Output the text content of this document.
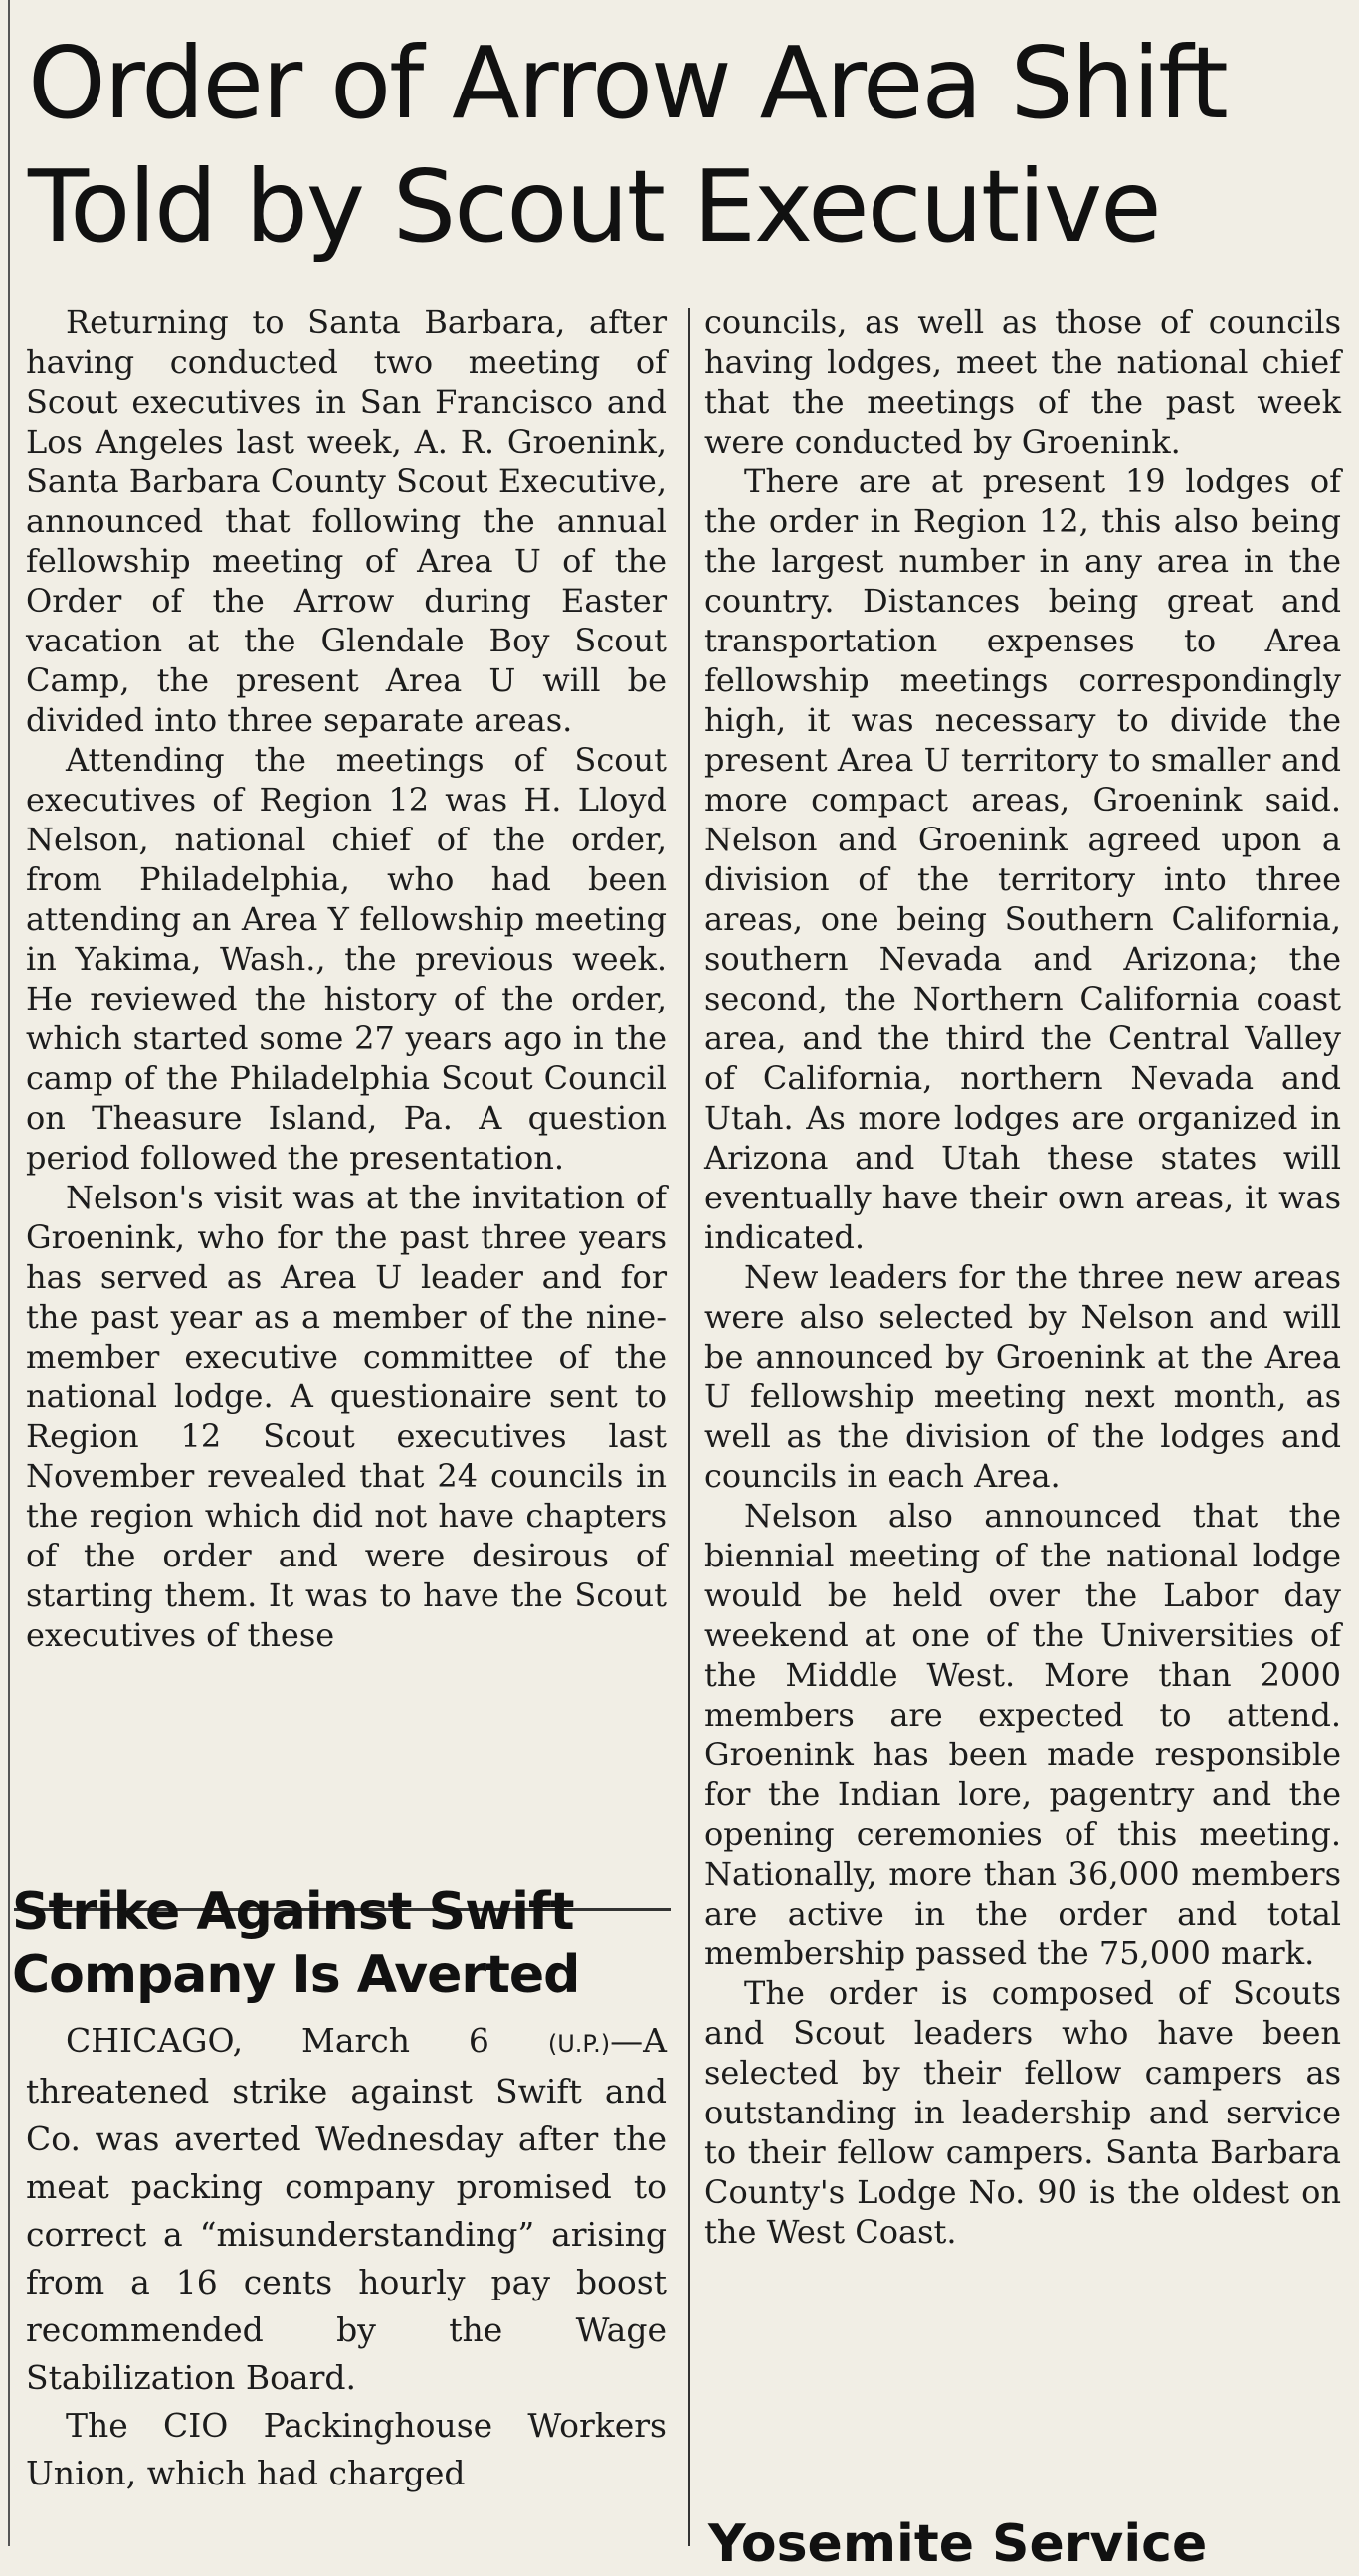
Order of Arrow Area Shift Told by Scout Executive

Returning to Santa Barbara, after having conducted two meeting of Scout executives in San Francisco and Los Angeles last week, A. R. Groenink, Santa Barbara County Scout Executive, announced that following the annual fellowship meeting of Area U of the Order of the Arrow during Easter vacation at the Glendale Boy Scout Camp, the present Area U will be divided into three separate areas.

Attending the meetings of Scout executives of Region 12 was H. Lloyd Nelson, national chief of the order, from Philadelphia, who had been attending an Area Y fellowship meeting in Yakima, Wash., the previous week. He reviewed the history of the order, which started some 27 years ago in the camp of the Philadelphia Scout Council on Theasure Island, Pa. A question period followed the presentation.

Nelson's visit was at the invitation of Groenink, who for the past three years has served as Area U leader and for the past year as a member of the nine-member executive committee of the national lodge. A questionaire sent to Region 12 Scout executives last November revealed that 24 councils in the region which did not have chapters of the order and were desirous of starting them. It was to have the Scout executives of these

councils, as well as those of councils having lodges, meet the national chief that the meetings of the past week were conducted by Groenink.

There are at present 19 lodges of the order in Region 12, this also being the largest number in any area in the country. Distances being great and transportation expenses to Area fellowship meetings correspondingly high, it was necessary to divide the present Area U territory to smaller and more compact areas, Groenink said. Nelson and Groenink agreed upon a division of the territory into three areas, one being Southern California, southern Nevada and Arizona; the second, the Northern California coast area, and the third the Central Valley of California, northern Nevada and Utah. As more lodges are organized in Arizona and Utah these states will eventually have their own areas, it was indicated.

New leaders for the three new areas were also selected by Nelson and will be announced by Groenink at the Area U fellowship meeting next month, as well as the division of the lodges and councils in each Area.

Nelson also announced that the biennial meeting of the national lodge would be held over the Labor day weekend at one of the Universities of the Middle West. More than 2000 members are expected to attend. Groenink has been made responsible for the Indian lore, pagentry and the opening ceremonies of this meeting. Nationally, more than 36,000 members are active in the order and total membership passed the 75,000 mark.

The order is composed of Scouts and Scout leaders who have been selected by their fellow campers as outstanding in leadership and service to their fellow campers. Santa Barbara County's Lodge No. 90 is the oldest on the West Coast.

Strike Against Swift
Company Is Averted

CHICAGO, March 6 (U.P.)—A threatened strike against Swift and Co. was averted Wednesday after the meat packing company promised to correct a “misunderstanding” arising from a 16 cents hourly pay boost recommended by the Wage Stabilization Board.

The CIO Packinghouse Workers Union, which had charged

Yosemite Service
